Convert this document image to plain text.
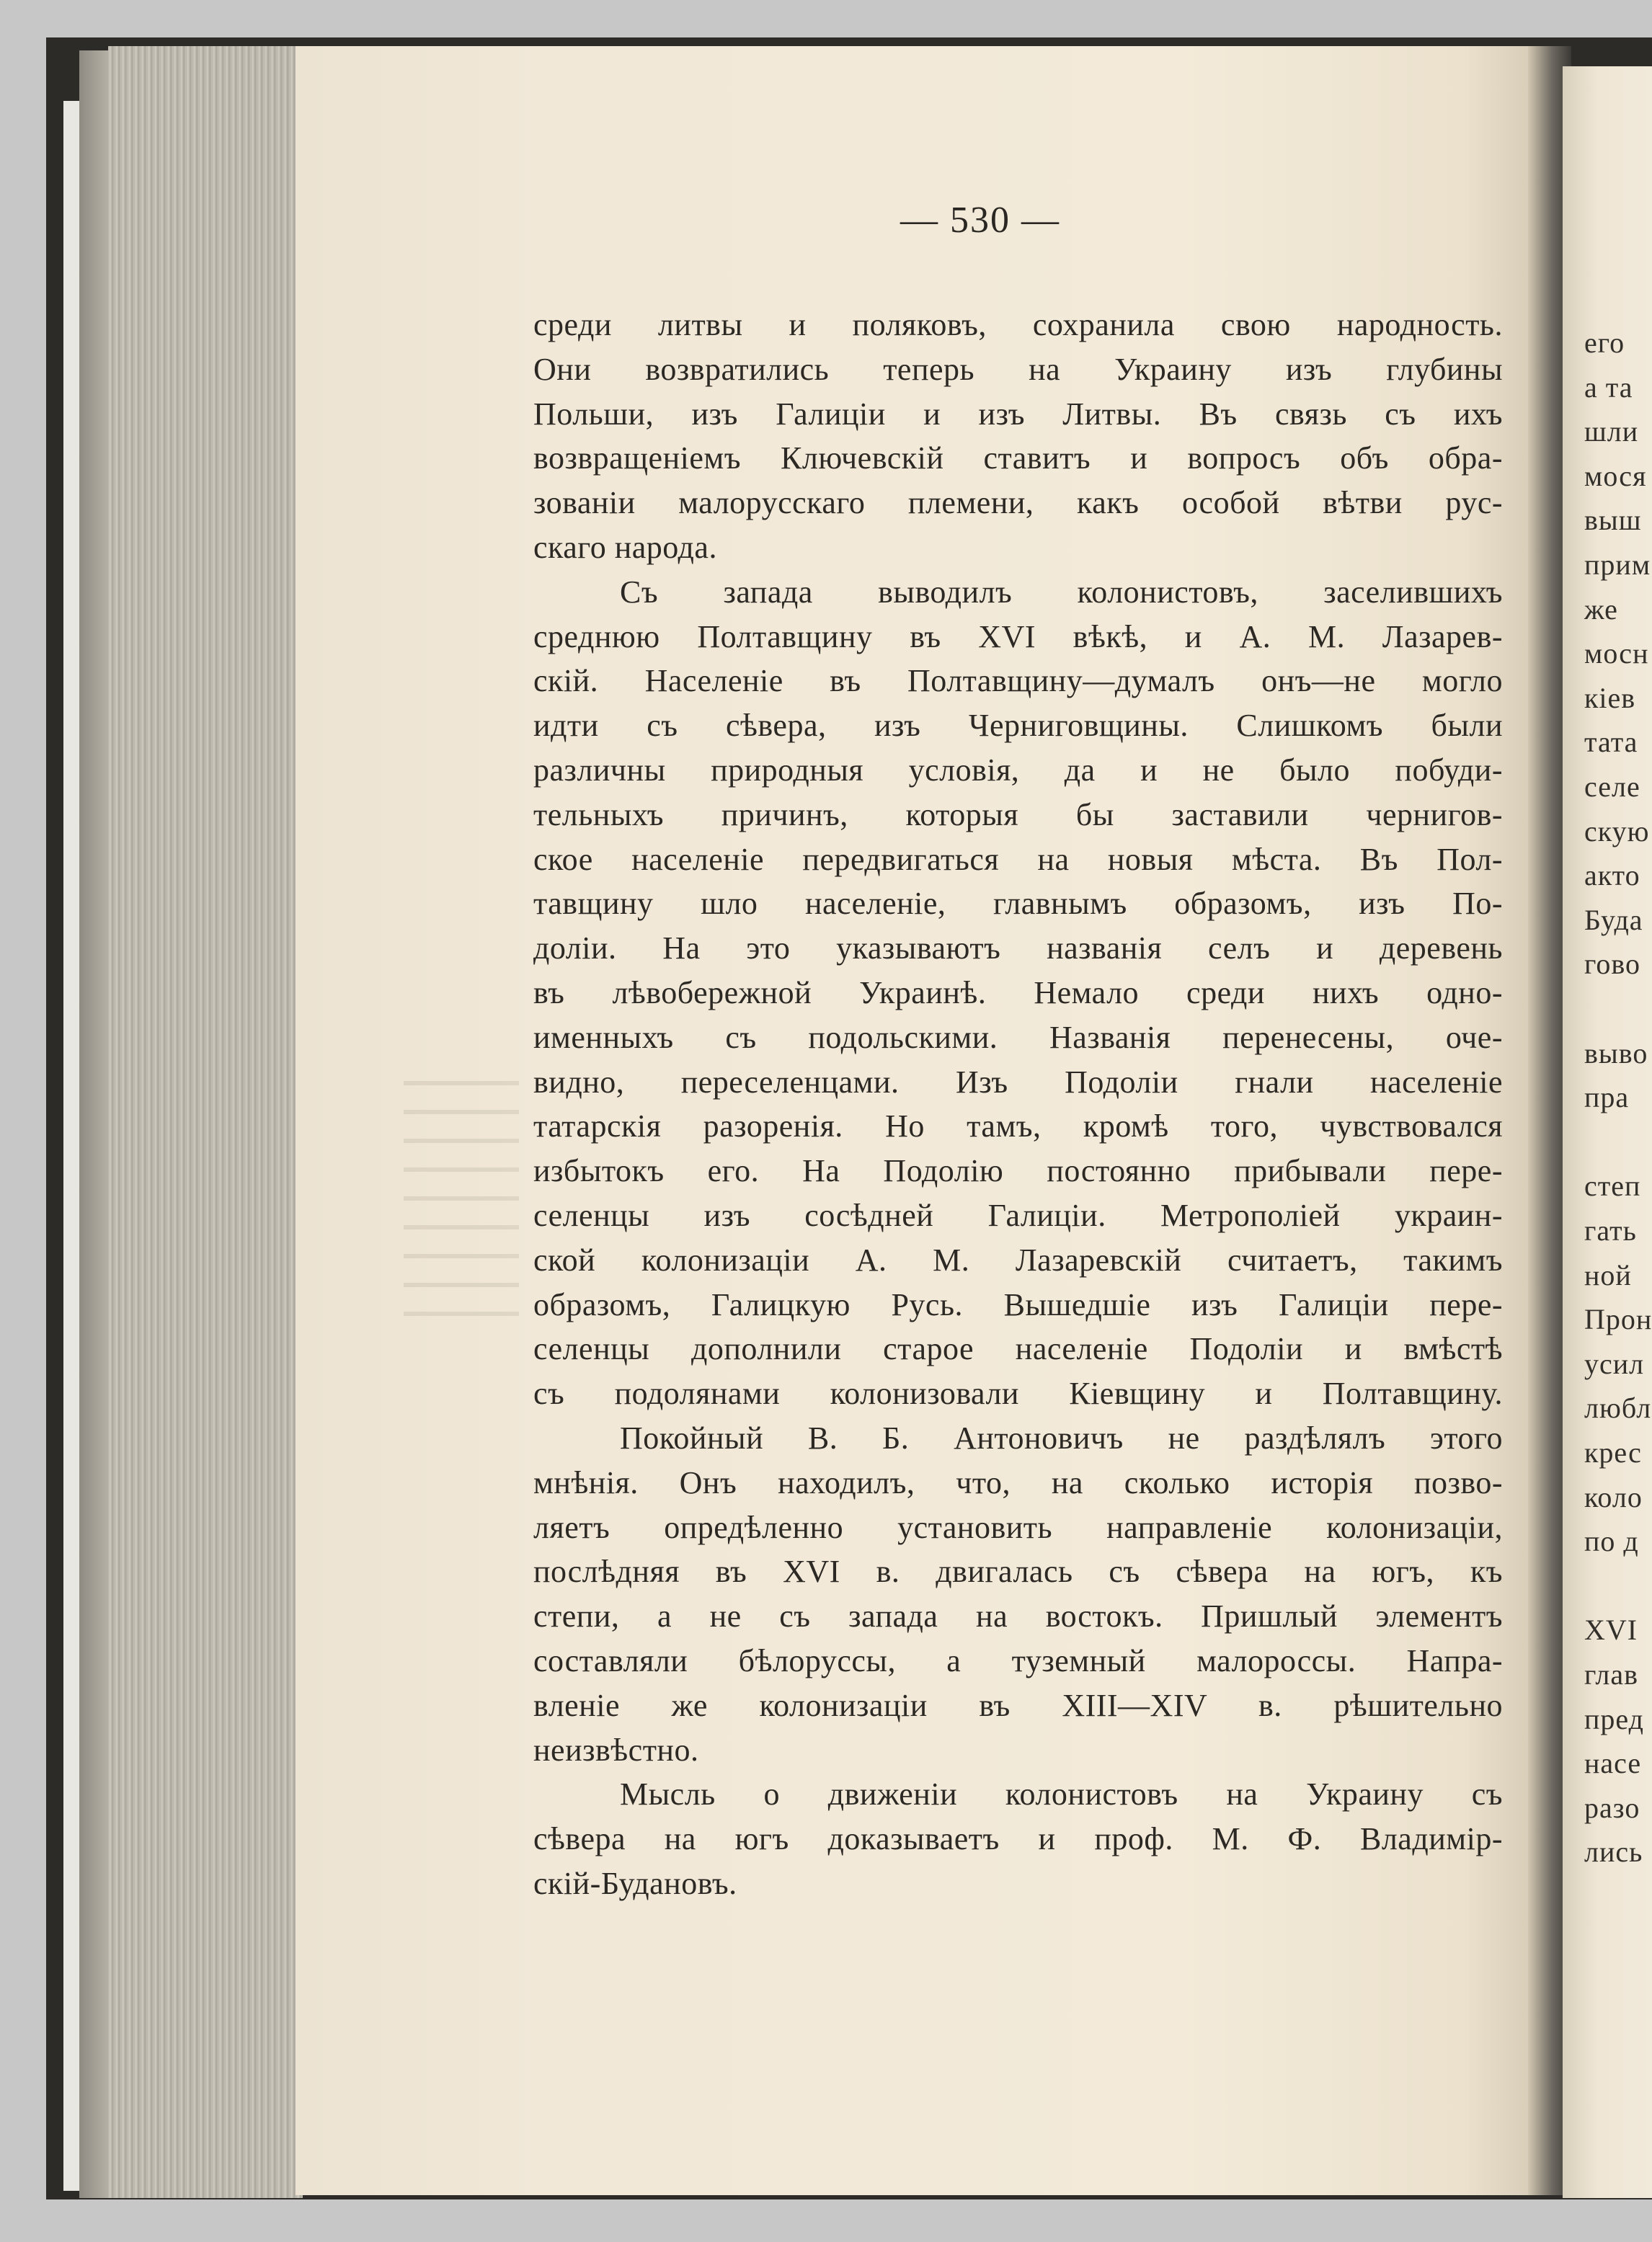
— 530 —
среди литвы и поляковъ, сохранила свою народность.
Они возвратились теперь на Украину изъ глубины
Польши, изъ Галиціи и изъ Литвы. Въ связь съ ихъ
возвращеніемъ Ключевскій ставитъ и вопросъ объ обра-
зованіи малорусскаго племени, какъ особой вѣтви рус-
скаго народа.
Съ запада выводилъ колонистовъ, заселившихъ
среднюю Полтавщину въ XVI вѣкѣ, и А. М. Лазарев-
скій. Населеніе въ Полтавщину—думалъ онъ—не могло
идти съ сѣвера, изъ Черниговщины. Слишкомъ были
различны природныя условія, да и не было побуди-
тельныхъ причинъ, которыя бы заставили чернигов-
ское населеніе передвигаться на новыя мѣста. Въ Пол-
тавщину шло населеніе, главнымъ образомъ, изъ По-
доліи. На это указываютъ названія селъ и деревень
въ лѣвобережной Украинѣ. Немало среди нихъ одно-
именныхъ съ подольскими. Названія перенесены, оче-
видно, переселенцами. Изъ Подоліи гнали населеніе
татарскія разоренія. Но тамъ, кромѣ того, чувствовался
избытокъ его. На Подолію постоянно прибывали пере-
селенцы изъ сосѣдней Галиціи. Метрополіей украин-
ской колонизаціи А. М. Лазаревскій считаетъ, такимъ
образомъ, Галицкую Русь. Вышедшіе изъ Галиціи пере-
селенцы дополнили старое населеніе Подоліи и вмѣстѣ
съ подолянами колонизовали Кіевщину и Полтавщину.
Покойный В. Б. Антоновичъ не раздѣлялъ этого
мнѣнія. Онъ находилъ, что, на сколько исторія позво-
ляетъ опредѣленно установить направленіе колонизаціи,
послѣдняя въ XVI в. двигалась съ сѣвера на югъ, къ
степи, а не съ запада на востокъ. Пришлый элементъ
составляли бѣлоруссы, а туземный малороссы. Напра-
вленіе же колонизаціи въ XIII—XIV в. рѣшительно
неизвѣстно.
Мысль о движеніи колонистовъ на Украину съ
сѣвера на югъ доказываетъ и проф. М. Ф. Владимір-
скій-Будановъ.
его
а та
шли
мося
выш
прим
же
мосн
кіев
тата
селе
скую
акто
Буда
гово
выво
пра
степ
гать
ной
Прон
усил
любл
крес
коло
по д
XVI
глав
пред
насе
разо
лись
